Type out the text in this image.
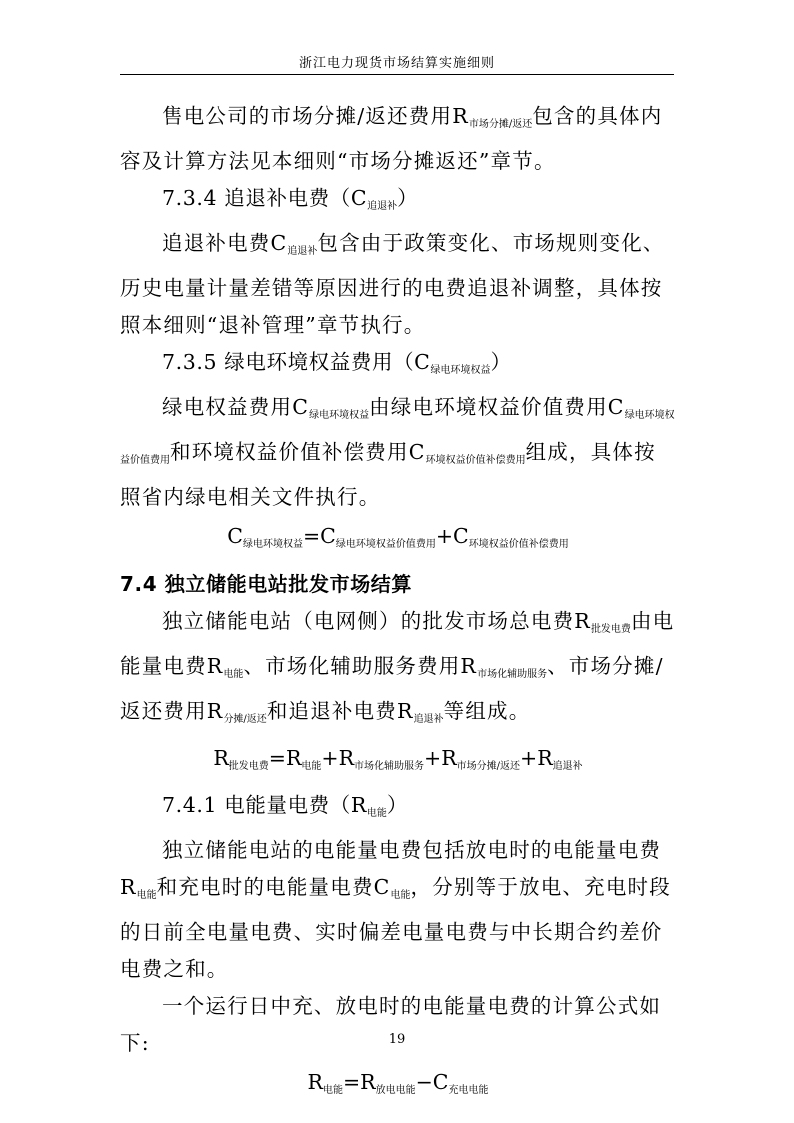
浙江电力现货市场结算实施细则

售电公司的市场分摊/返还费用R市场分摊/返还包含的具体内容及计算方法见本细则“市场分摊返还”章节。

7.3.4 追退补电费（C追退补）

追退补电费C追退补包含由于政策变化、市场规则变化、历史电量计量差错等原因进行的电费追退补调整，具体按照本细则“退补管理”章节执行。

7.3.5 绿电环境权益费用（C绿电环境权益）

绿电权益费用C绿电环境权益由绿电环境权益价值费用C绿电环境权益价值费用和环境权益价值补偿费用C环境权益价值补偿费用组成，具体按照省内绿电相关文件执行。

C绿电环境权益=C绿电环境权益价值费用+C环境权益价值补偿费用

7.4 独立储能电站批发市场结算

独立储能电站（电网侧）的批发市场总电费R批发电费由电能量电费R电能、市场化辅助服务费用R市场化辅助服务、市场分摊/返还费用R分摊/返还和追退补电费R追退补等组成。

R批发电费=R电能+R市场化辅助服务+R市场分摊/返还+R追退补

7.4.1 电能量电费（R电能）

独立储能电站的电能量电费包括放电时的电能量电费R电能和充电时的电能量电费C电能，分别等于放电、充电时段的日前全电量电费、实时偏差电量电费与中长期合约差价电费之和。

一个运行日中充、放电时的电能量电费的计算公式如下:

R电能=R放电电能−C充电电能

19
